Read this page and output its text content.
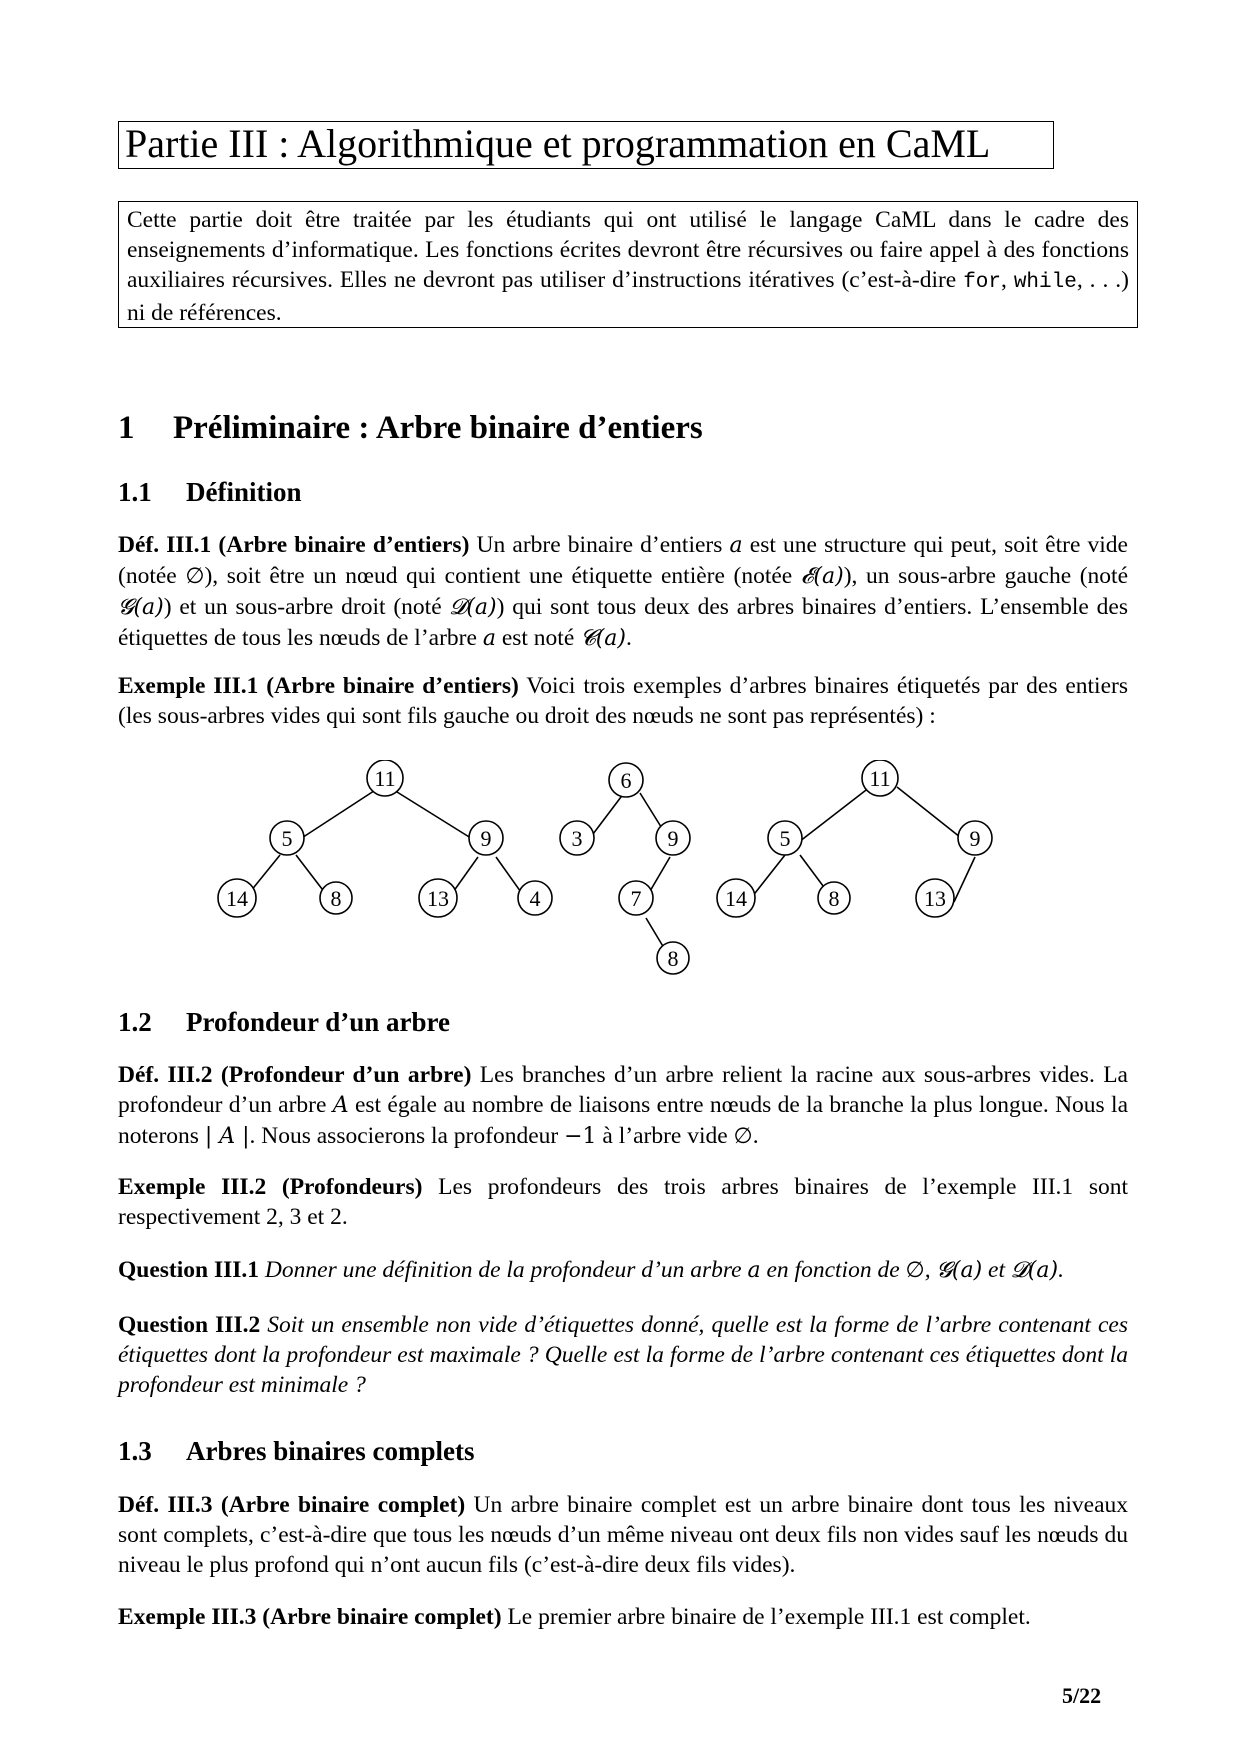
Partie III : Algorithmique et programmation en CaML
Cette partie doit être traitée par les étudiants qui ont utilisé le langage CaML dans le cadre des enseignements d’informatique. Les fonctions écrites devront être récursives ou faire appel à des fonctions auxiliaires récursives. Elles ne devront pas utiliser d’instructions itératives (c’est-à-dire for, while, . . .) ni de références.
1 Préliminaire : Arbre binaire d’entiers
1.1 Définition
Déf. III.1 (Arbre binaire d’entiers) Un arbre binaire d’entiers a est une structure qui peut, soit être vide (notée ∅), soit être un nœud qui contient une étiquette entière (notée 𝓔(a)), un sous-arbre gauche (noté 𝓖(a)) et un sous-arbre droit (noté 𝓓(a)) qui sont tous deux des arbres binaires d’entiers. L’ensemble des étiquettes de tous les nœuds de l’arbre a est noté 𝓒(a).
Exemple III.1 (Arbre binaire d’entiers) Voici trois exemples d’arbres binaires étiquetés par des entiers (les sous-arbres vides qui sont fils gauche ou droit des nœuds ne sont pas représentés) :
11
5	9
14	8	13	4
6
3	9
7
8
11
5	9
14	8	13
1.2 Profondeur d’un arbre
Déf. III.2 (Profondeur d’un arbre) Les branches d’un arbre relient la racine aux sous-arbres vides. La profondeur d’un arbre A est égale au nombre de liaisons entre nœuds de la branche la plus longue. Nous la noterons | A |. Nous associerons la profondeur −1 à l’arbre vide ∅.
Exemple III.2 (Profondeurs) Les profondeurs des trois arbres binaires de l’exemple III.1 sont respectivement 2, 3 et 2.
Question III.1 Donner une définition de la profondeur d’un arbre a en fonction de ∅, 𝓖(a) et 𝓓(a).
Question III.2 Soit un ensemble non vide d’étiquettes donné, quelle est la forme de l’arbre contenant ces étiquettes dont la profondeur est maximale ? Quelle est la forme de l’arbre contenant ces étiquettes dont la profondeur est minimale ?
1.3 Arbres binaires complets
Déf. III.3 (Arbre binaire complet) Un arbre binaire complet est un arbre binaire dont tous les niveaux sont complets, c’est-à-dire que tous les nœuds d’un même niveau ont deux fils non vides sauf les nœuds du niveau le plus profond qui n’ont aucun fils (c’est-à-dire deux fils vides).
Exemple III.3 (Arbre binaire complet) Le premier arbre binaire de l’exemple III.1 est complet.
5/22
